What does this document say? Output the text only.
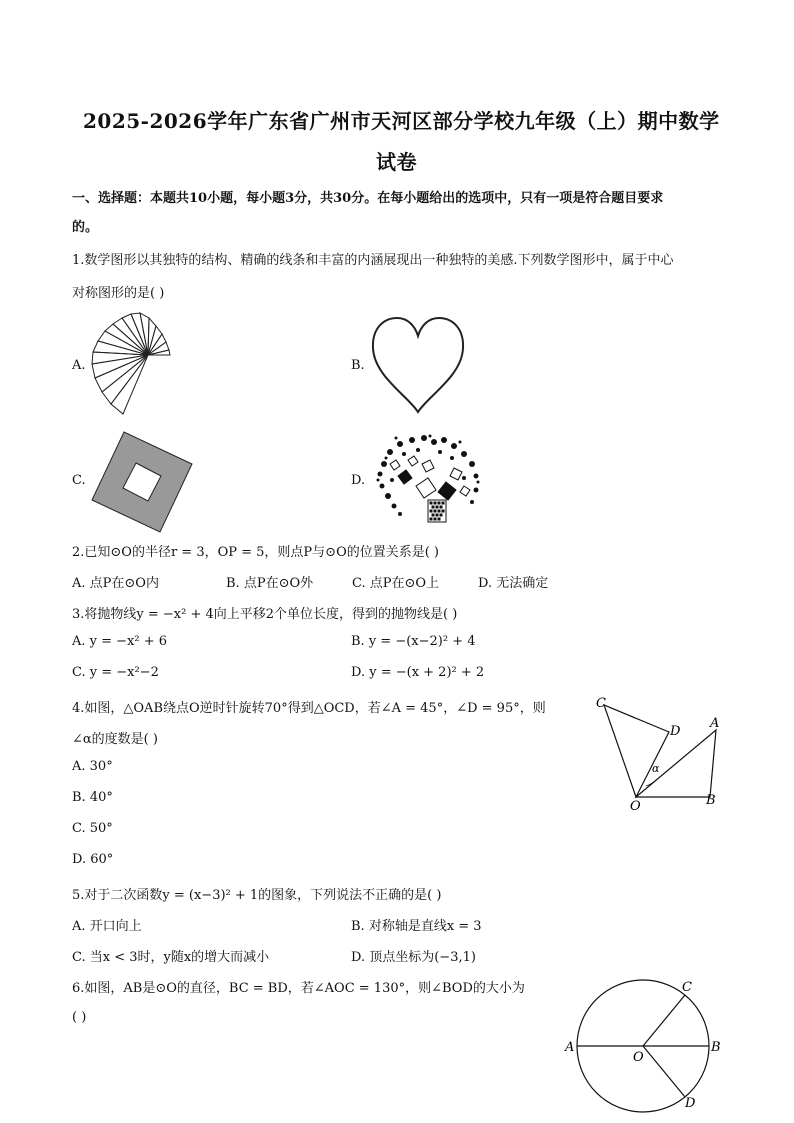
2025-2026学年广东省广州市天河区部分学校九年级（上）期中数学
试卷
一、选择题：本题共10小题，每小题3分，共30分。在每小题给出的选项中，只有一项是符合题目要求
的。
1.数学图形以其独特的结构、精确的线条和丰富的内涵展现出一种独特的美感.下列数学图形中，属于中心
对称图形的是( )
A.	B.
C.	D.
2.已知⊙O的半径r = 3，OP = 5，则点P与⊙O的位置关系是( )
A. 点P在⊙O内	B. 点P在⊙O外	C. 点P在⊙O上	D. 无法确定
3.将抛物线y = −x² + 4向上平移2个单位长度，得到的抛物线是( )
A. y = −x² + 6	B. y = −(x−2)² + 4
C. y = −x²−2	D. y = −(x + 2)² + 2
4.如图，△OAB绕点O逆时针旋转70°得到△OCD，若∠A = 45°，∠D = 95°，则
∠α的度数是( )
A. 30°
B. 40°
C. 50°
D. 60°
C
D
A
O	B
α
5.对于二次函数y = (x−3)² + 1的图象，下列说法不正确的是( )
A. 开口向上	B. 对称轴是直线x = 3
C. 当x < 3时，y随x的增大而减小	D. 顶点坐标为(−3,1)
6.如图，AB是⊙O的直径，BC = BD，若∠AOC = 130°，则∠BOD的大小为
( )
A	B
C
D
O
